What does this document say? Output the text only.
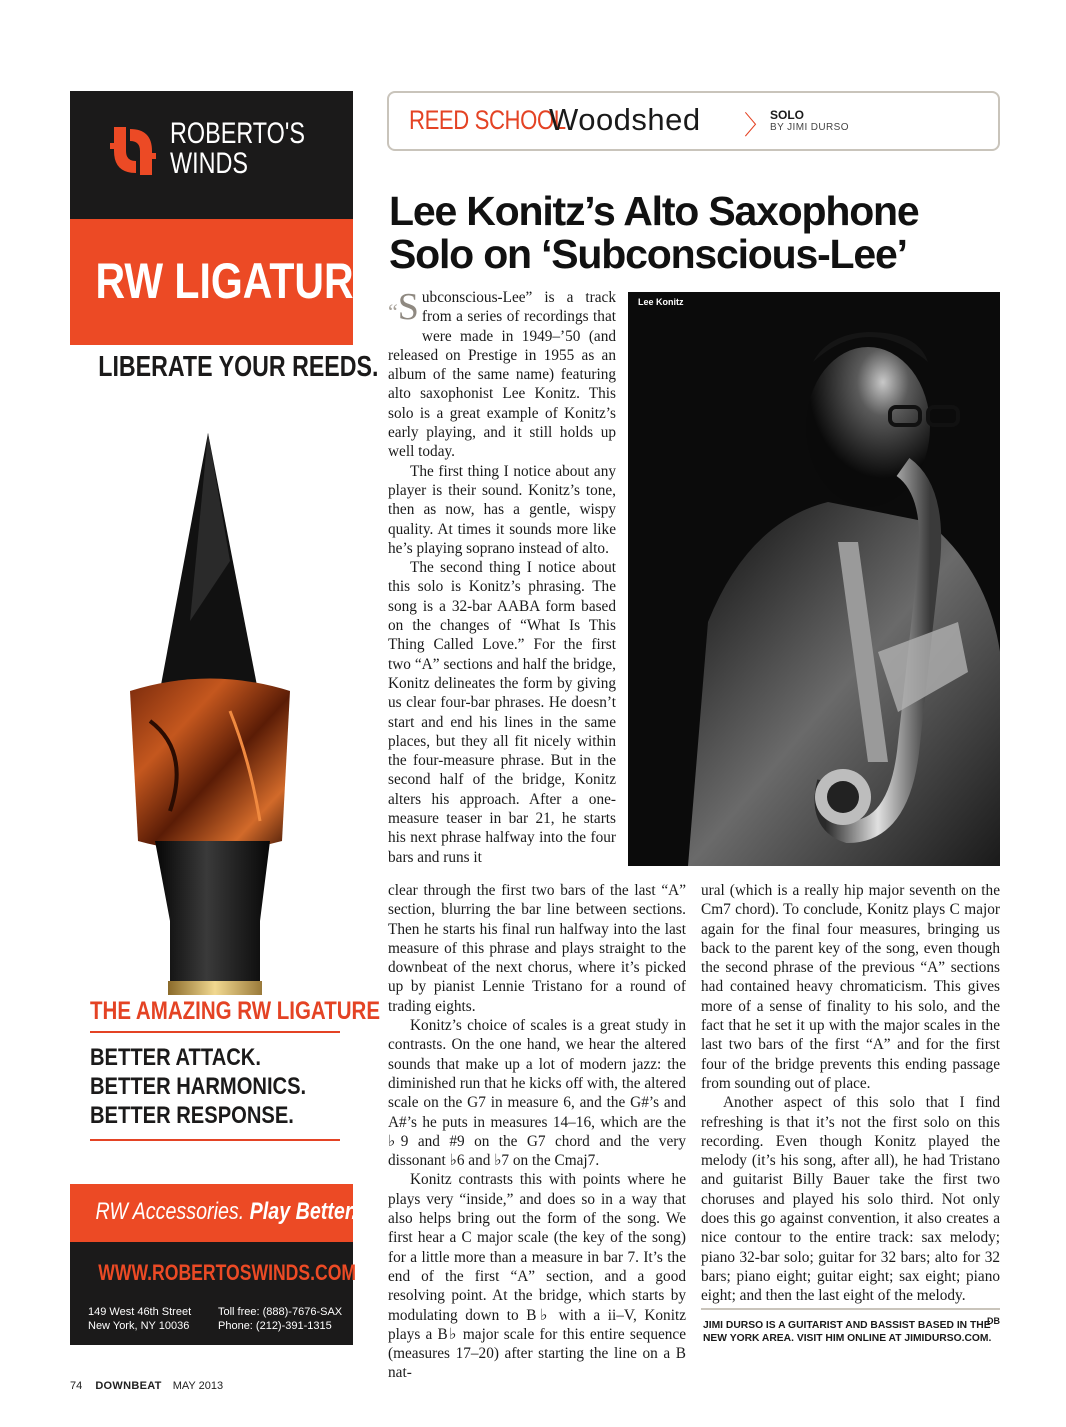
ROBERTO'S
WINDS
RW LIGATURE
LIBERATE YOUR REEDS.
THE AMAZING RW LIGATURE
BETTER ATTACK.
BETTER HARMONICS.
BETTER RESPONSE.
RW Accessories. Play Better.
WWW.ROBERTOSWINDS.COM
149 West 46th Street
New York, NY 10036
Toll free: (888)-7676-SAX
Phone: (212)-391-1315
REED SCHOOL
Woodshed 〉 SOLO
BY JIMI DURSO
Lee Konitz’s Alto Saxophone
Solo on ‘Subconscious-Lee’

“S ubconscious-Lee” is a track from a series of recordings that were made in 1949–’50 (and released on Prestige in 1955 as an album of the same name) featuring alto saxophonist Lee Konitz. This solo is a great example of Konitz’s early playing, and it still holds up well today.

The first thing I notice about any player is their sound. Konitz’s tone, then as now, has a gentle, wispy quality. At times it sounds more like he’s playing soprano instead of alto.

The second thing I notice about this solo is Konitz’s phrasing. The song is a 32-bar AABA form based on the changes of “What Is This Thing Called Love.” For the first two “A” sections and half the bridge, Konitz delineates the form by giving us clear four-bar phrases. He doesn’t start and end his lines in the same places, but they all fit nicely within the four-measure phrase. But in the second half of the bridge, Konitz alters his approach. After a one-measure teaser in bar 21, he starts his next phrase halfway into the four bars and runs it

Lee Konitz
DOWNBEAT ARCHIVES

clear through the first two bars of the last “A” section, blurring the bar line between sections. Then he starts his final run halfway into the last measure of this phrase and plays straight to the downbeat of the next chorus, where it’s picked up by pianist Lennie Tristano for a round of trading eights.

Konitz’s choice of scales is a great study in contrasts. On the one hand, we hear the altered sounds that make up a lot of modern jazz: the diminished run that he kicks off with, the altered scale on the G7 in measure 6, and the G#’s and A#’s he puts in measures 14–16, which are the ♭9 and #9 on the G7 chord and the very dissonant ♭6 and ♭7 on the Cmaj7.

Konitz contrasts this with points where he plays very “inside,” and does so in a way that also helps bring out the form of the song. We first hear a C major scale (the key of the song) for a little more than a measure in bar 7. It’s the end of the first “A” section, and a good resolving point. At the bridge, which starts by modulating down to B♭ with a ii–V, Konitz plays a B♭ major scale for this entire sequence (measures 17–20) after starting the line on a B nat-

ural (which is a really hip major seventh on the Cm7 chord). To conclude, Konitz plays C major again for the final four measures, bringing us back to the parent key of the song, even though the second phrase of the previous “A” sections had contained heavy chromaticism. This gives more of a sense of finality to his solo, and the fact that he set it up with the major scales in the last two bars of the first “A” and for the first four of the bridge prevents this ending passage from sounding out of place.

Another aspect of this solo that I find refreshing is that it’s not the first solo on this recording. Even though Konitz played the melody (it’s his song, after all), he had Tristano and guitarist Billy Bauer take the first two choruses and played his solo third. Not only does this go against convention, it also creates a nice contour to the entire track: sax melody; piano 32-bar solo; guitar for 32 bars; alto for 32 bars; piano eight; guitar eight; sax eight; piano eight; and then the last eight of the melody.
DB

JIMI DURSO IS A GUITARIST AND BASSIST BASED IN THE NEW YORK AREA. VISIT HIM ONLINE AT JIMIDURSO.COM.
74 DOWNBEAT MAY 2013
